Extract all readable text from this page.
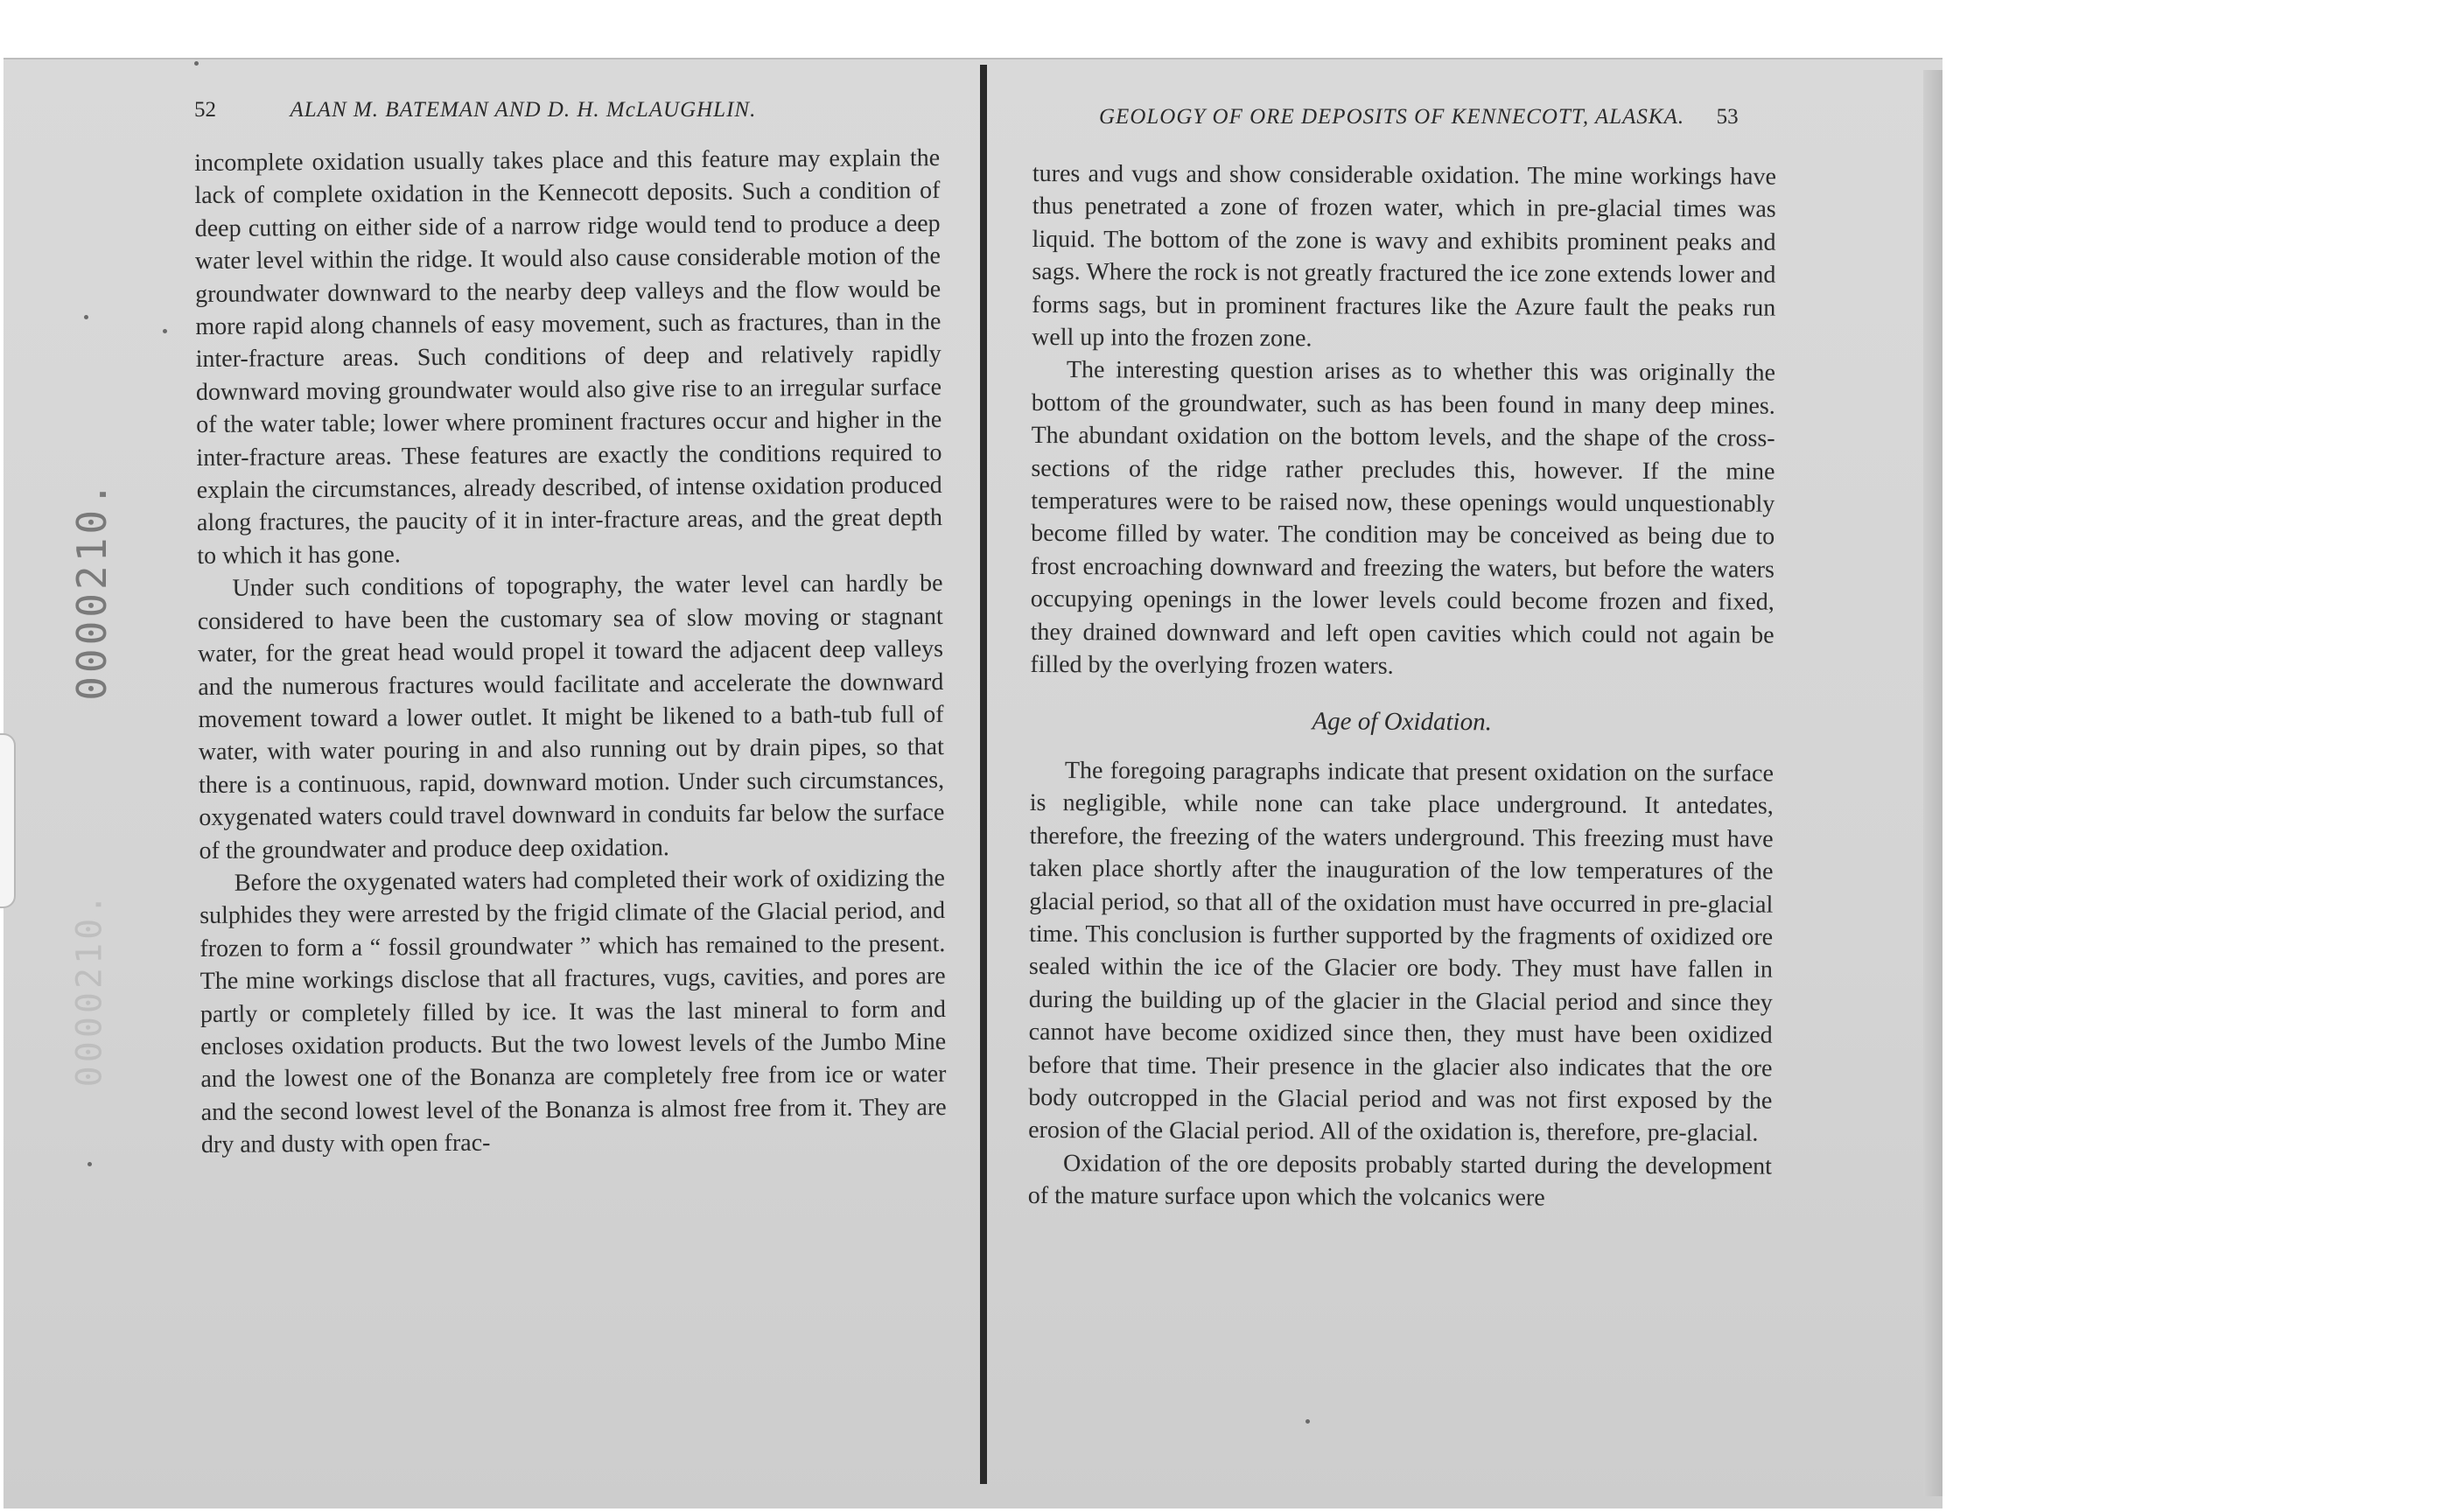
0000210.
0000210.
52	ALAN M. BATEMAN AND D. H. McLAUGHLIN.	GEOLOGY OF ORE DEPOSITS OF KENNECOTT, ALASKA. 53

incomplete oxidation usually takes place and this feature may explain the lack of complete oxidation in the Kennecott deposits. Such a condition of deep cutting on either side of a narrow ridge would tend to produce a deep water level within the ridge. It would also cause considerable motion of the groundwater downward to the nearby deep valleys and the flow would be more rapid along channels of easy movement, such as fractures, than in the inter-fracture areas. Such conditions of deep and relatively rapidly downward moving groundwater would also give rise to an irregular surface of the water table; lower where prominent fractures occur and higher in the inter-fracture areas. These features are exactly the conditions required to explain the circumstances, already described, of intense oxidation produced along fractures, the paucity of it in inter-fracture areas, and the great depth to which it has gone.

Under such conditions of topography, the water level can hardly be considered to have been the customary sea of slow moving or stagnant water, for the great head would propel it toward the adjacent deep valleys and the numerous fractures would facilitate and accelerate the downward movement toward a lower outlet. It might be likened to a bath-tub full of water, with water pouring in and also running out by drain pipes, so that there is a continuous, rapid, downward motion. Under such circumstances, oxygenated waters could travel downward in conduits far below the surface of the groundwater and produce deep oxidation.

Before the oxygenated waters had completed their work of oxidizing the sulphides they were arrested by the frigid climate of the Glacial period, and frozen to form a “ fossil groundwater ” which has remained to the present. The mine workings disclose that all fractures, vugs, cavities, and pores are partly or completely filled by ice. It was the last mineral to form and encloses oxidation products. But the two lowest levels of the Jumbo Mine and the lowest one of the Bonanza are completely free from ice or water and the second lowest level of the Bonanza is almost free from it. They are dry and dusty with open frac-

tures and vugs and show considerable oxidation. The mine workings have thus penetrated a zone of frozen water, which in pre-glacial times was liquid. The bottom of the zone is wavy and exhibits prominent peaks and sags. Where the rock is not greatly fractured the ice zone extends lower and forms sags, but in prominent fractures like the Azure fault the peaks run well up into the frozen zone.

The interesting question arises as to whether this was originally the bottom of the groundwater, such as has been found in many deep mines. The abundant oxidation on the bottom levels, and the shape of the cross-sections of the ridge rather precludes this, however. If the mine temperatures were to be raised now, these openings would unquestionably become filled by water. The condition may be conceived as being due to frost encroaching downward and freezing the waters, but before the waters occupying openings in the lower levels could become frozen and fixed, they drained downward and left open cavities which could not again be filled by the overlying frozen waters.

Age of Oxidation.

The foregoing paragraphs indicate that present oxidation on the surface is negligible, while none can take place underground. It antedates, therefore, the freezing of the waters underground. This freezing must have taken place shortly after the inauguration of the low temperatures of the glacial period, so that all of the oxidation must have occurred in pre-glacial time. This conclusion is further supported by the fragments of oxidized ore sealed within the ice of the Glacier ore body. They must have fallen in during the building up of the glacier in the Glacial period and since they cannot have become oxidized since then, they must have been oxidized before that time. Their presence in the glacier also indicates that the ore body outcropped in the Glacial period and was not first exposed by the erosion of the Glacial period. All of the oxidation is, therefore, pre-glacial.

Oxidation of the ore deposits probably started during the development of the mature surface upon which the volcanics were
